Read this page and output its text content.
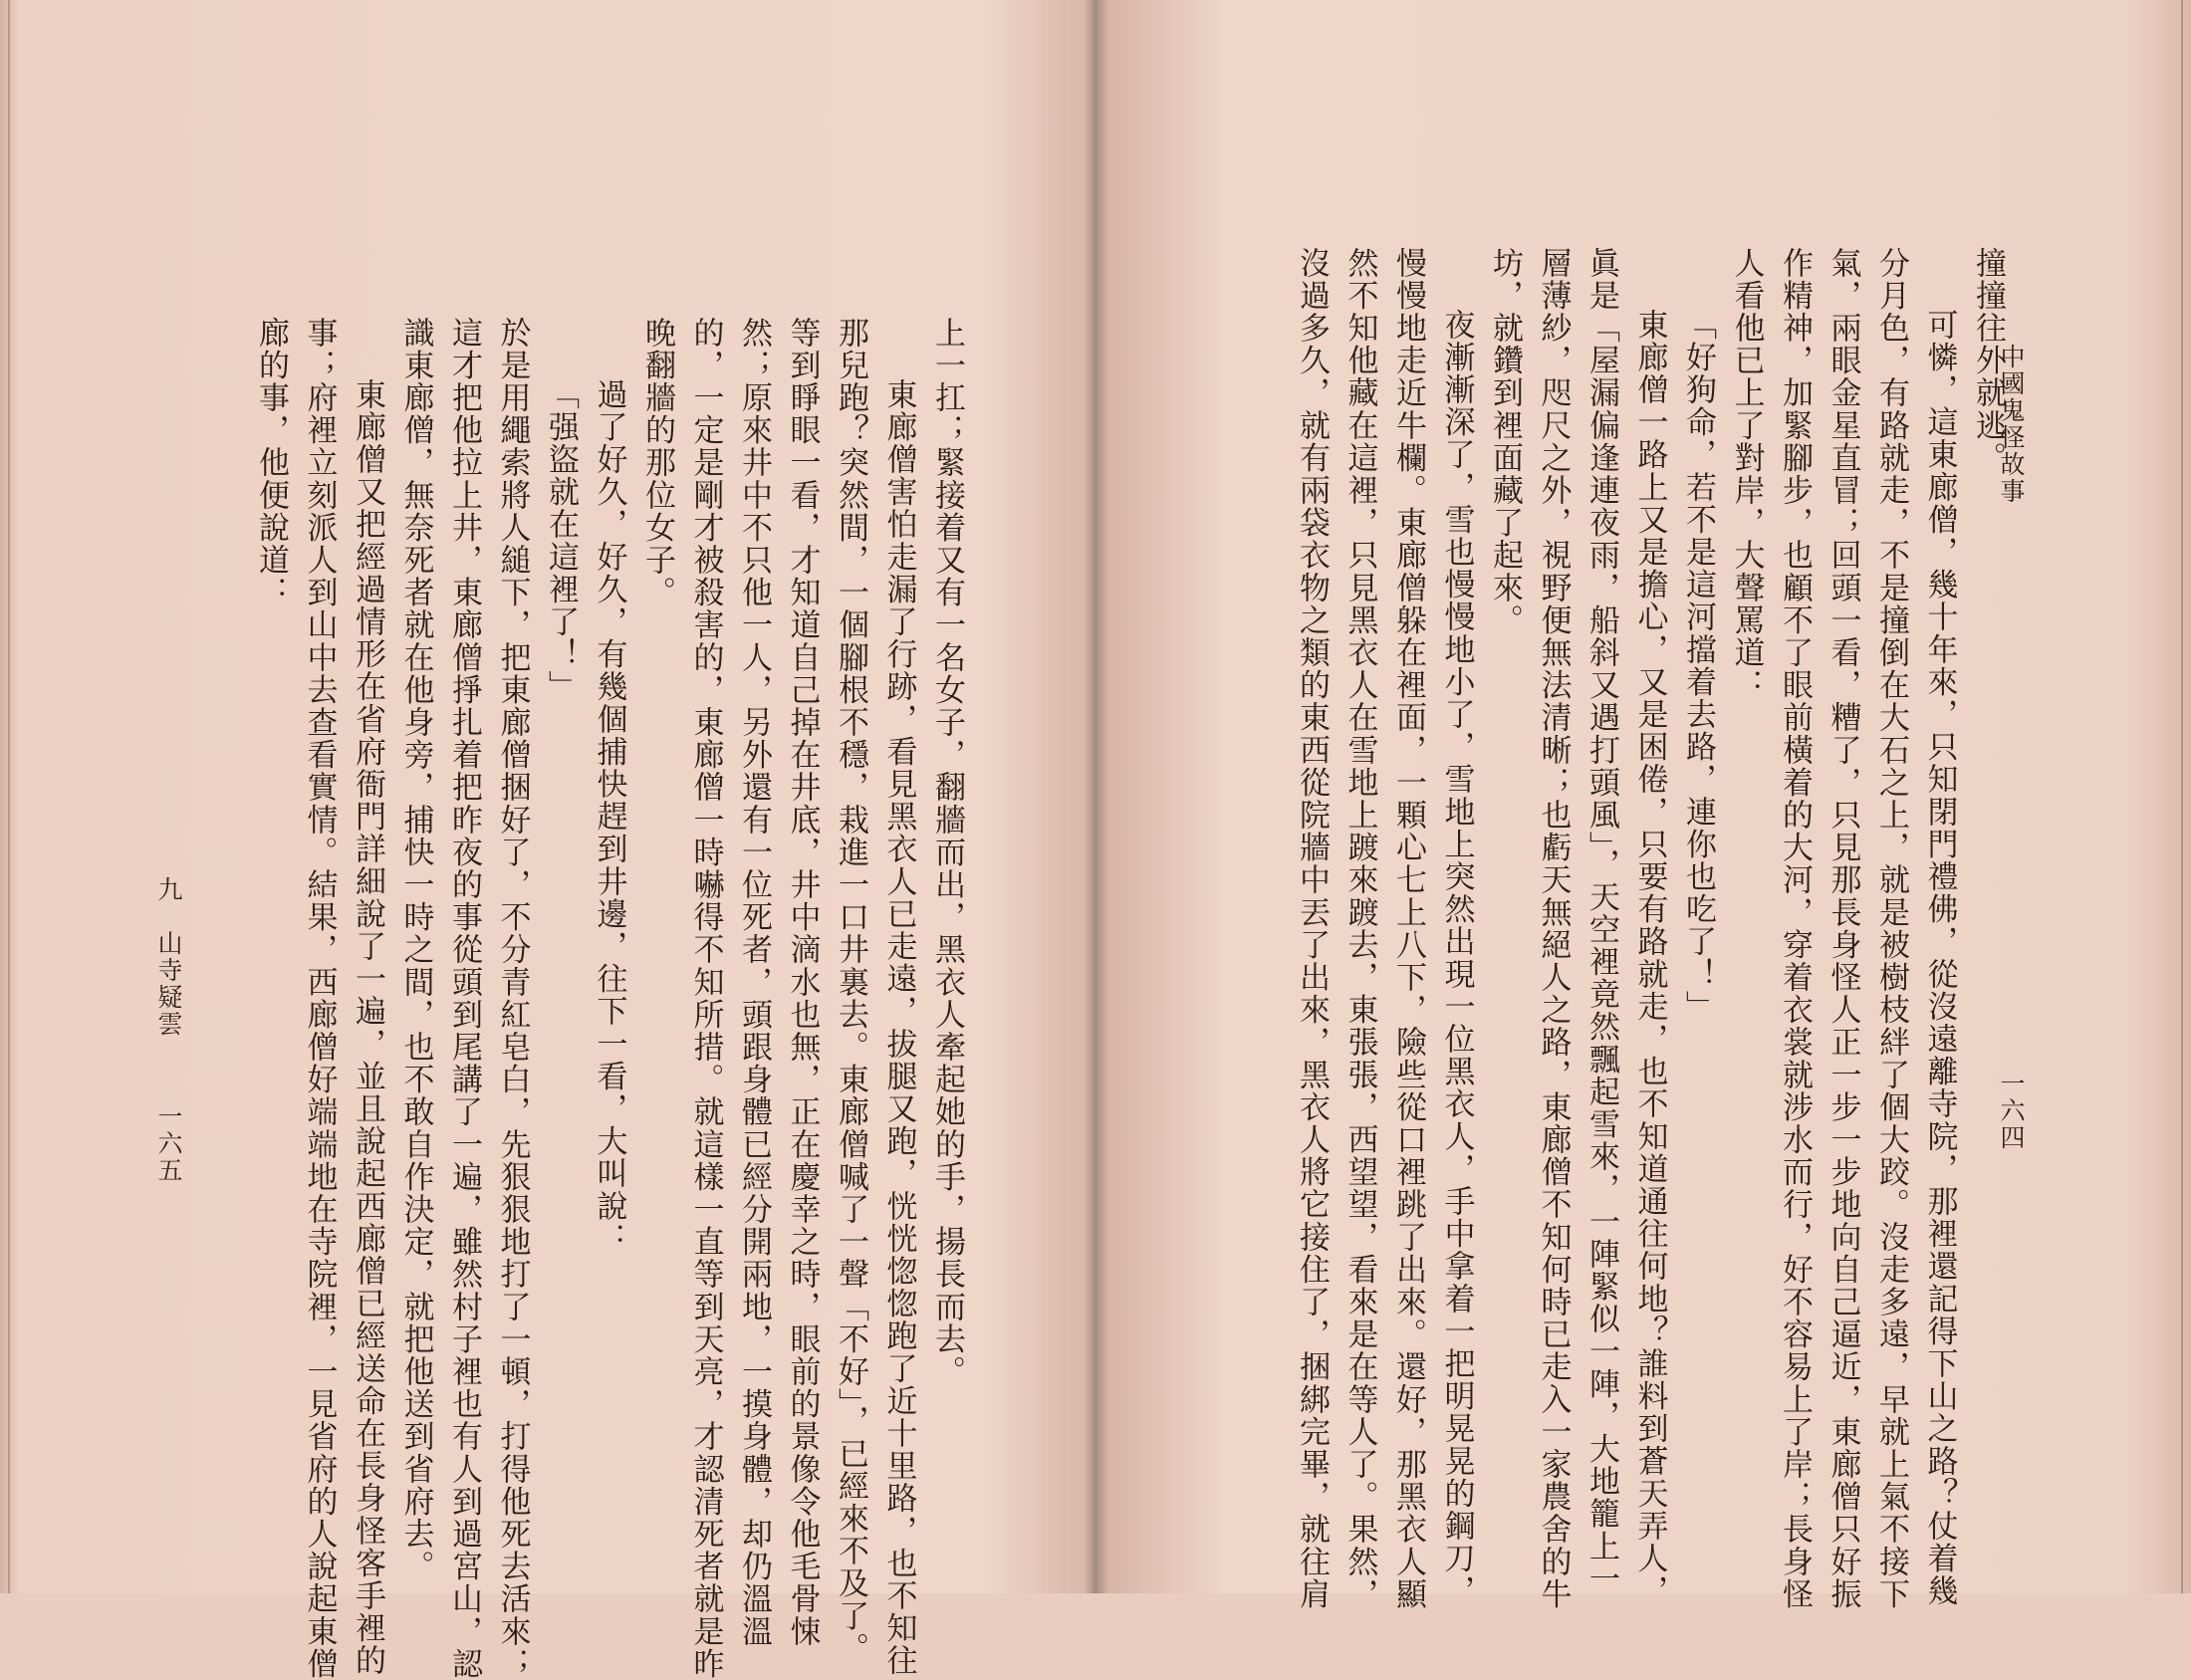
上一扛；緊接着又有一名女子，翻牆而出，黑衣人牽起她的手，揚長而去。
東廊僧害怕走漏了行跡，看見黑衣人已走遠，拔腿又跑，恍恍惚惚跑了近十里路，也不知往
那兒跑？突然間，一個腳根不穩，栽進一口井裏去。東廊僧喊了一聲「不好」，已經來不及了。
等到睜眼一看，才知道自己掉在井底，井中滴水也無，正在慶幸之時，眼前的景像令他毛骨悚
然；原來井中不只他一人，另外還有一位死者，頭跟身體已經分開兩地，一摸身體，却仍溫溫
的，一定是剛才被殺害的，東廊僧一時嚇得不知所措。就這樣一直等到天亮，才認清死者就是昨
晚翻牆的那位女子。
過了好久，好久，有幾個捕快趕到井邊，往下一看，大叫說：
「强盜就在這裡了！」
於是用繩索將人縋下，把東廊僧捆好了，不分青紅皂白，先狠狠地打了一頓，打得他死去活來；
這才把他拉上井，東廊僧掙扎着把昨夜的事從頭到尾講了一遍，雖然村子裡也有人到過宮山，認
識東廊僧，無奈死者就在他身旁，捕快一時之間，也不敢自作決定，就把他送到省府去。
東廊僧又把經過情形在省府衙門詳細說了一遍，並且說起西廊僧已經送命在長身怪客手裡的
事；府裡立刻派人到山中去查看實情。結果，西廊僧好端端地在寺院裡，一見省府的人說起東僧
廊的事，他便說道：
九　山寺疑雲
一六五
中國鬼怪故事
一六四
撞撞往外就逃。
可憐，這東廊僧，幾十年來，只知閉門禮佛，從沒遠離寺院，那裡還記得下山之路？仗着幾
分月色，有路就走，不是撞倒在大石之上，就是被樹枝絆了個大跤。沒走多遠，早就上氣不接下
氣，兩眼金星直冒；回頭一看，糟了，只見那長身怪人正一步一步地向自己逼近，東廊僧只好振
作精神，加緊腳步，也顧不了眼前橫着的大河，穿着衣裳就涉水而行，好不容易上了岸；長身怪
人看他已上了對岸，大聲罵道：
「好狗命，若不是這河擋着去路，連你也吃了！」
東廊僧一路上又是擔心，又是困倦，只要有路就走，也不知道通往何地？誰料到蒼天弄人，
眞是「屋漏偏逢連夜雨，船斜又遇打頭風」，天空裡竟然飄起雪來，一陣緊似一陣，大地籠上一
層薄紗，咫尺之外，視野便無法清晰；也虧天無絕人之路，東廊僧不知何時已走入一家農舍的牛
坊，就鑽到裡面藏了起來。
夜漸漸深了，雪也慢慢地小了，雪地上突然出現一位黑衣人，手中拿着一把明晃晃的鋼刀，
慢慢地走近牛欄。東廊僧躲在裡面，一顆心七上八下，險些從口裡跳了出來。還好，那黑衣人顯
然不知他藏在這裡，只見黑衣人在雪地上踱來踱去，東張張，西望望，看來是在等人了。果然，
沒過多久，就有兩袋衣物之類的東西從院牆中丟了出來，黑衣人將它接住了，捆綁完畢，就往肩
